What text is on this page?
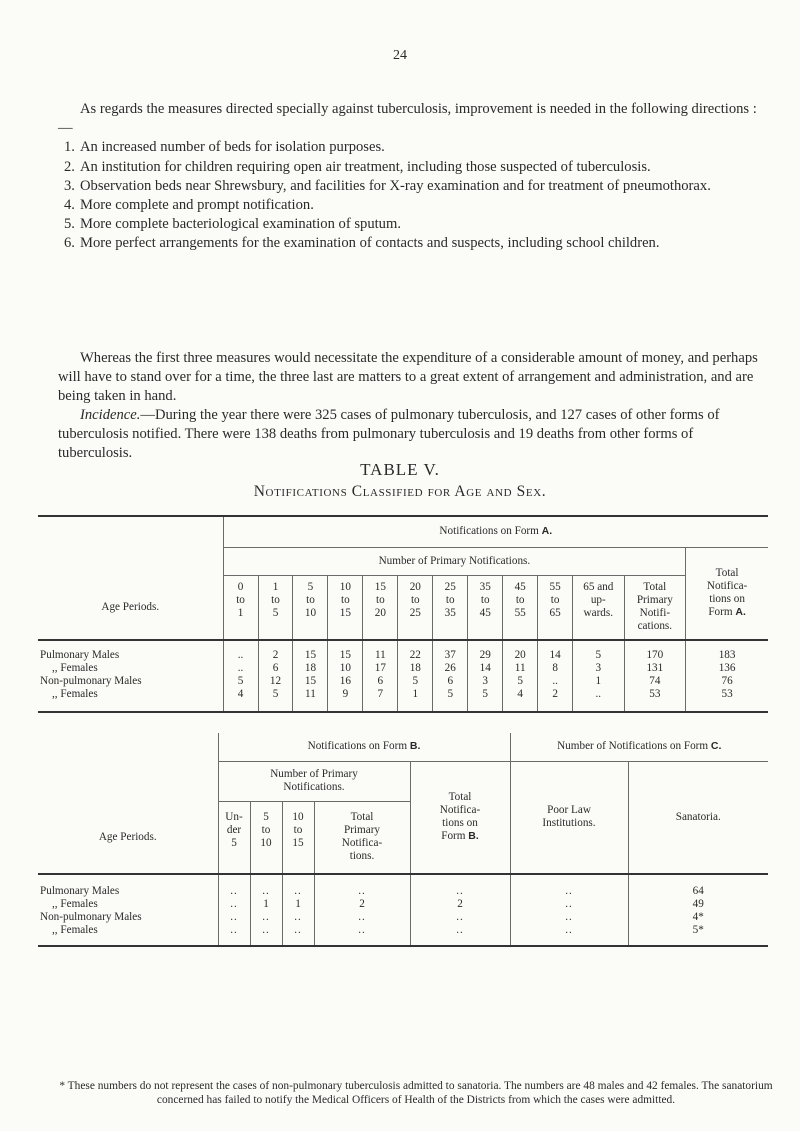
24

As regards the measures directed specially against tuberculosis, improvement is needed in the following directions :—

1. An increased number of beds for isolation purposes.
2. An institution for children requiring open air treatment, including those suspected of tuberculosis.
3. Observation beds near Shrewsbury, and facilities for X-ray examination and for treatment of pneumothorax.
4. More complete and prompt notification.
5. More complete bacteriological examination of sputum.
6. More perfect arrangements for the examination of contacts and suspects, including school children.

Whereas the first three measures would necessitate the expenditure of a considerable amount of money, and perhaps will have to stand over for a time, the three last are matters to a great extent of arrangement and administration, and are being taken in hand.

Incidence.—During the year there were 325 cases of pulmonary tuberculosis, and 127 cases of other forms of tuberculosis notified. There were 138 deaths from pulmonary tuberculosis and 19 deaths from other forms of tuberculosis.

TABLE V.
Notifications Classified for Age and Sex.
	Notifications on Form A.												
	Number of Primary Notifications.												Total
Notifica-
tions on
Form A.
Age Periods.	0
to
1	1
to
5	5
to
10	10
to
15	15
to
20	20
to
25	25
to
35	35
to
45	45
to
55	55
to
65	65 and
up-
wards.	Total
Primary
Notifi-
cations.	
Pulmonary Males	..	2	15	15	11	22	37	29	20	14	5	170	183
,, Females	..	6	18	10	17	18	26	14	11	8	3	131	136
Non-pulmonary Males	5	12	15	16	6	5	6	3	5	..	1	74	76
,, Females	4	5	11	9	7	1	5	5	4	2	..	53	53
	Notifications on Form B.					Number of Notifications on Form C.	
	Number of Primary
Notifications.				Total
Notifica-
tions on
Form B.	Poor Law
Institutions.	Sanatoria.
Age Periods.	Un-
der
5	5
to
10	10
to
15	Total
Primary
Notifica-
tions.			
Pulmonary Males	..	..	..	..	..	..	64
,, Females	..	1	1	2	2	..	49
Non-pulmonary Males	..	..	..	..	..	..	4*
,, Females	..	..	..	..	..	..	5*
* These numbers do not represent the cases of non-pulmonary tuberculosis admitted to sanatoria. The numbers are 48 males and 42 females. The sanatorium concerned has failed to notify the Medical Officers of Health of the Districts from which the cases were admitted.
